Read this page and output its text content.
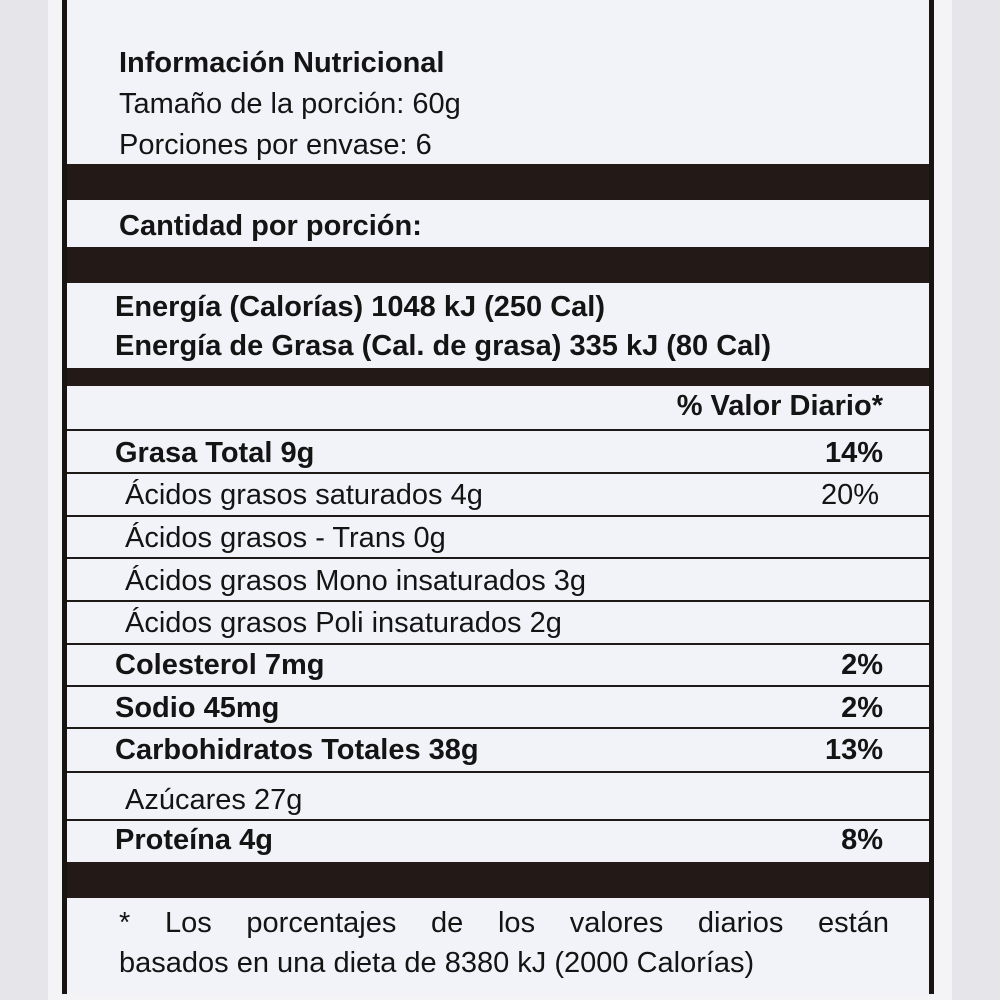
Información Nutricional
Tamaño de la porción: 60g
Porciones por envase: 6
Cantidad por porción:
Energía (Calorías) 1048 kJ (250 Cal)
Energía de Grasa (Cal. de grasa) 335 kJ (80 Cal)
% Valor Diario*
Grasa Total 9g	14%
Ácidos grasos saturados 4g	20%
Ácidos grasos - Trans 0g
Ácidos grasos Mono insaturados 3g
Ácidos grasos Poli insaturados 2g
Colesterol 7mg	2%
Sodio 45mg	2%
Carbohidratos Totales 38g	13%
Azúcares 27g
Proteína 4g	8%
* Los porcentajes de los valores diarios están
basados en una dieta de 8380 kJ (2000 Calorías)
